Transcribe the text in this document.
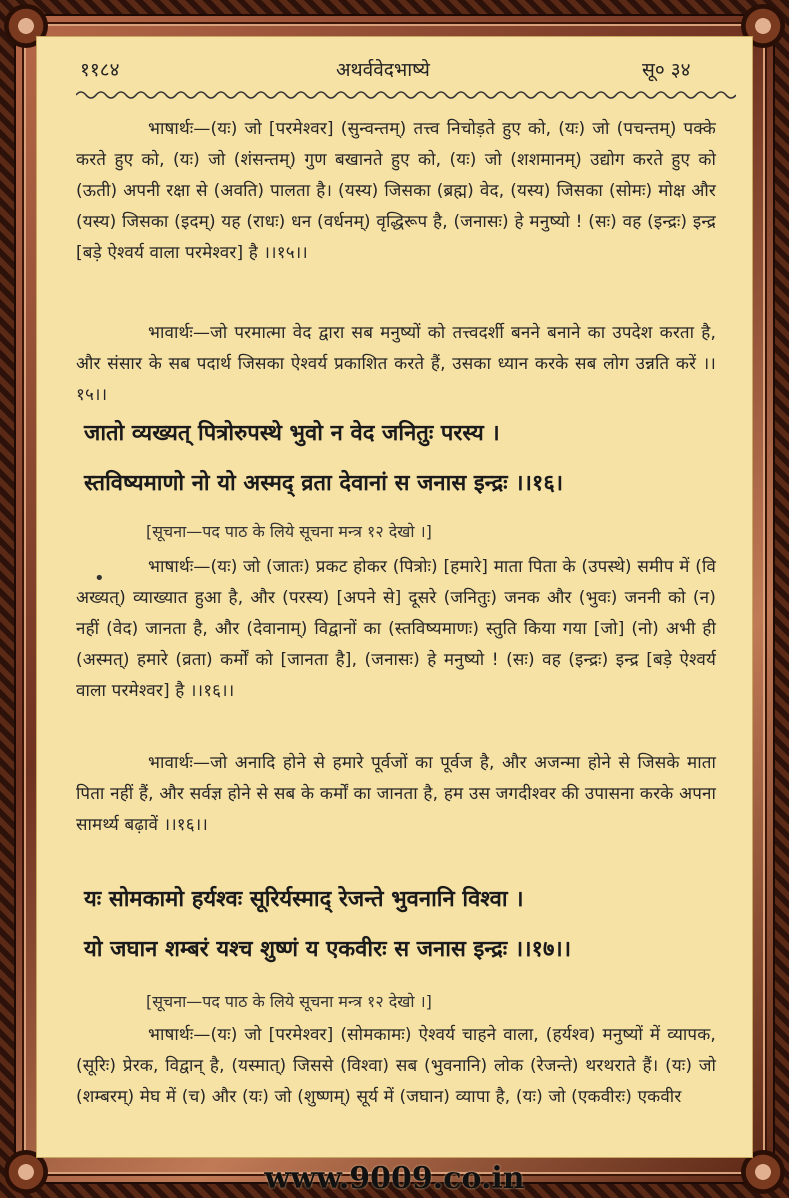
११८४	अथर्ववेदभाष्ये	सू० ३४

भाषार्थः—(यः) जो [परमेश्वर] (सुन्वन्तम्) तत्त्व निचोड़ते हुए को, (यः) जो (पचन्तम्) पक्के करते हुए को, (यः) जो (शंसन्तम्) गुण बखानते हुए को, (यः) जो (शशमानम्) उद्योग करते हुए को (ऊती) अपनी रक्षा से (अवति) पालता है। (यस्य) जिसका (ब्रह्म) वेद, (यस्य) जिसका (सोमः) मोक्ष और (यस्य) जिसका (इदम्) यह (राधः) धन (वर्धनम्) वृद्धिरूप है, (जनासः) हे मनुष्यो ! (सः) वह (इन्द्रः) इन्द्र [बड़े ऐश्वर्य वाला परमेश्वर] है ।।१५।।

भावार्थः—जो परमात्मा वेद द्वारा सब मनुष्यों को तत्त्वदर्शी बनने बनाने का उपदेश करता है, और संसार के सब पदार्थ जिसका ऐश्वर्य प्रकाशित करते हैं, उसका ध्यान करके सब लोग उन्नति करें ।।१५।।

जातो व्यख्यत् पित्रोरुपस्थे भुवो न वेद जनितुः परस्य ।

स्तविष्यमाणो नो यो अस्मद् व्रता देवानां स जनास इन्द्रः ।।१६।

[सूचना—पद पाठ के लिये सूचना मन्त्र १२ देखो ।]

•

भाषार्थः—(यः) जो (जातः) प्रकट होकर (पित्रोः) [हमारे] माता पिता के (उपस्थे) समीप में (वि अख्यत्) व्याख्यात हुआ है, और (परस्य) [अपने से] दूसरे (जनितुः) जनक और (भुवः) जननी को (न) नहीं (वेद) जानता है, और (देवानाम्) विद्वानों का (स्तविष्यमाणः) स्तुति किया गया [जो] (नो) अभी ही (अस्मत्) हमारे (व्रता) कर्मों को [जानता है], (जनासः) हे मनुष्यो ! (सः) वह (इन्द्रः) इन्द्र [बड़े ऐश्वर्य वाला परमेश्वर] है ।।१६।।

भावार्थः—जो अनादि होने से हमारे पूर्वजों का पूर्वज है, और अजन्मा होने से जिसके माता पिता नहीं हैं, और सर्वज्ञ होने से सब के कर्मों का जानता है, हम उस जगदीश्वर की उपासना करके अपना सामर्थ्य बढ़ावें ।।१६।।

यः सोमकामो हर्यश्वः सूरिर्यस्माद् रेजन्ते भुवनानि विश्वा ।

यो जघान शम्बरं यश्च शुष्णं य एकवीरः स जनास इन्द्रः ।।१७।।

[सूचना—पद पाठ के लिये सूचना मन्त्र १२ देखो ।]

भाषार्थः—(यः) जो [परमेश्वर] (सोमकामः) ऐश्वर्य चाहने वाला, (हर्यश्व) मनुष्यों में व्यापक, (सूरिः) प्रेरक, विद्वान् है, (यस्मात्) जिससे (विश्वा) सब (भुवनानि) लोक (रेजन्ते) थरथराते हैं। (यः) जो (शम्बरम्) मेघ में (च) और (यः) जो (शुष्णम्) सूर्य में (जघान) व्यापा है, (यः) जो (एकवीरः) एकवीर

www.9009.co.in
